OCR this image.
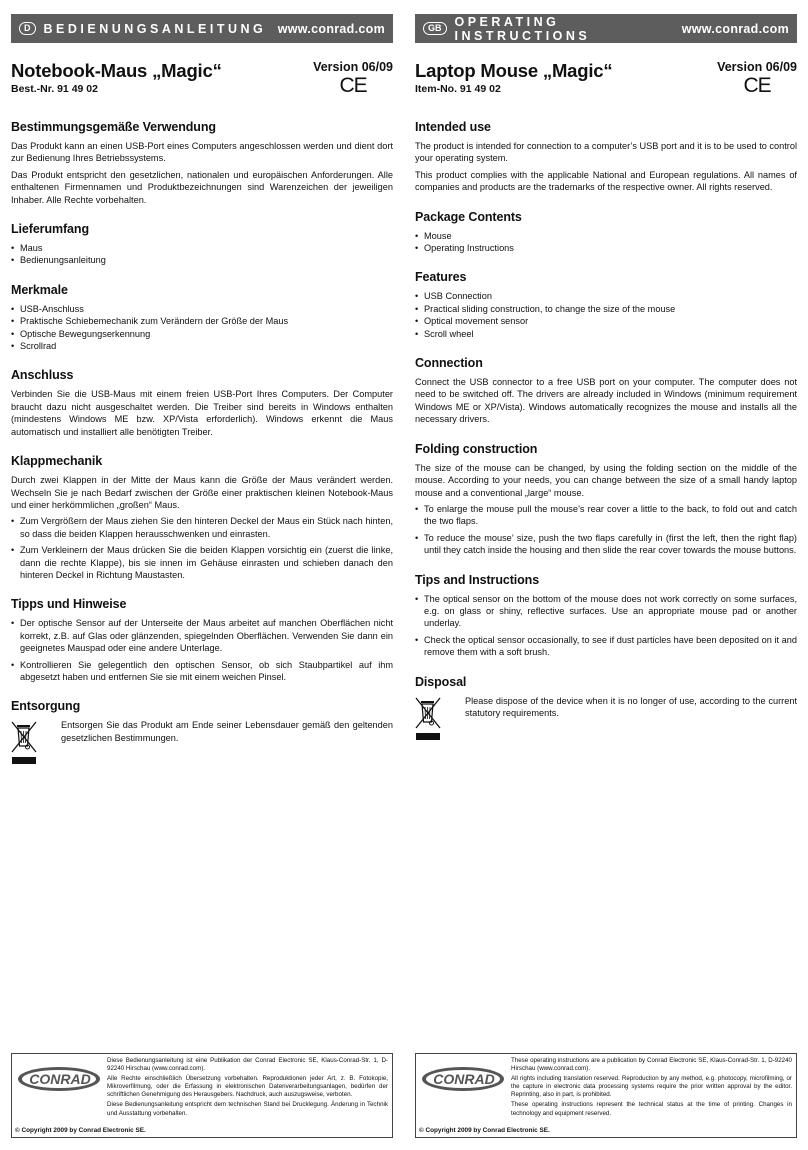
D	BEDIENUNGSANLEITUNG www.conrad.com
Notebook-Maus „Magic“
Best.-Nr. 91 49 02
Version 06/09
CE
Bestimmungsgemäße Verwendung

Das Produkt kann an einen USB-Port eines Computers angeschlossen werden und dient dort zur Bedienung Ihres Betriebssystems.

Das Produkt entspricht den gesetzlichen, nationalen und europäischen Anforderungen. Alle enthaltenen Firmennamen und Produktbezeichnungen sind Warenzeichen der jeweiligen Inhaber. Alle Rechte vorbehalten.

Lieferumfang
• Maus
• Bedienungsanleitung
Merkmale
• USB-Anschluss
• Praktische Schiebemechanik zum Verändern der Größe der Maus
• Optische Bewegungserkennung
• Scrollrad
Anschluss

Verbinden Sie die USB-Maus mit einem freien USB-Port Ihres Computers. Der Computer braucht dazu nicht ausgeschaltet werden. Die Treiber sind bereits in Windows enthalten (mindestens Windows ME bzw. XP/Vista erforderlich). Windows erkennt die Maus automatisch und installiert alle benötigten Treiber.

Klappmechanik

Durch zwei Klappen in der Mitte der Maus kann die Größe der Maus verändert werden. Wechseln Sie je nach Bedarf zwischen der Größe einer praktischen kleinen Notebook-Maus und einer herkömmlichen „großen“ Maus.

• Zum Vergrößern der Maus ziehen Sie den hinteren Deckel der Maus ein Stück nach hinten, so dass die beiden Klappen herausschwenken und einrasten.
• Zum Verkleinern der Maus drücken Sie die beiden Klappen vorsichtig ein (zuerst die linke, dann die rechte Klappe), bis sie innen im Gehäuse einrasten und schieben danach den hinteren Deckel in Richtung Maustasten.
Tipps und Hinweise
• Der optische Sensor auf der Unterseite der Maus arbeitet auf manchen Oberflächen nicht korrekt, z.B. auf Glas oder glänzenden, spiegelnden Oberflächen. Verwenden Sie dann ein geeignetes Mauspad oder eine andere Unterlage.
• Kontrollieren Sie gelegentlich den optischen Sensor, ob sich Staubpartikel auf ihm abgesetzt haben und entfernen Sie sie mit einem weichen Pinsel.
Entsorgung
Entsorgen Sie das Produkt am Ende seiner Lebensdauer gemäß den geltenden gesetzlichen Bestimmungen.
GB	OPERATING INSTRUCTIONS	www.conrad.com
Laptop Mouse „Magic“
Item-No. 91 49 02
Version 06/09
CE
Intended use

The product is intended for connection to a computer’s USB port and it is to be used to control your operating system.

This product complies with the applicable National and European regulations. All names of companies and products are the trademarks of the respective owner. All rights reserved.

Package Contents
• Mouse
• Operating Instructions
Features
• USB Connection
• Practical sliding construction, to change the size of the mouse
• Optical movement sensor
• Scroll wheel
Connection

Connect the USB connector to a free USB port on your computer. The computer does not need to be switched off. The drivers are already included in Windows (minimum requirement Windows ME or XP/Vista). Windows automatically recognizes the mouse and installs all the necessary drivers.

Folding construction

The size of the mouse can be changed, by using the folding section on the middle of the mouse. According to your needs, you can change between the size of a small handy laptop mouse and a conventional „large“ mouse.

• To enlarge the mouse pull the mouse’s rear cover a little to the back, to fold out and catch the two flaps.
• To reduce the mouse’ size, push the two flaps carefully in (first the left, then the right flap) until they catch inside the housing and then slide the rear cover towards the mouse buttons.
Tips and Instructions
• The optical sensor on the bottom of the mouse does not work correctly on some surfaces, e.g. on glass or shiny, reflective surfaces. Use an appropriate mouse pad or another underlay.
• Check the optical sensor occasionally, to see if dust particles have been deposited on it and remove them with a soft brush.
Disposal
Please dispose of the device when it is no longer of use, according to the current statutory requirements.
CONRAD

Diese Bedienungsanleitung ist eine Publikation der Conrad Electronic SE, Klaus-Conrad-Str. 1, D-92240 Hirschau (www.conrad.com).

Alle Rechte einschließlich Übersetzung vorbehalten. Reproduktionen jeder Art, z. B. Fotokopie, Mikroverfilmung, oder die Erfassung in elektronischen Datenverarbeitungsanlagen, bedürfen der schriftlichen Genehmigung des Herausgebers. Nachdruck, auch auszugsweise, verboten.

Diese Bedienungsanleitung entspricht dem technischen Stand bei Drucklegung. Änderung in Technik und Ausstattung vorbehalten.

© Copyright 2009 by Conrad Electronic SE.
CONRAD

These operating instructions are a publication by Conrad Electronic SE, Klaus-Conrad-Str. 1, D-92240 Hirschau (www.conrad.com).

All rights including translation reserved. Reproduction by any method, e.g. photocopy, microfilming, or the capture in electronic data processing systems require the prior written approval by the editor. Reprinting, also in part, is prohibited.

These operating instructions represent the technical status at the time of printing. Changes in technology and equipment reserved.

© Copyright 2009 by Conrad Electronic SE.
